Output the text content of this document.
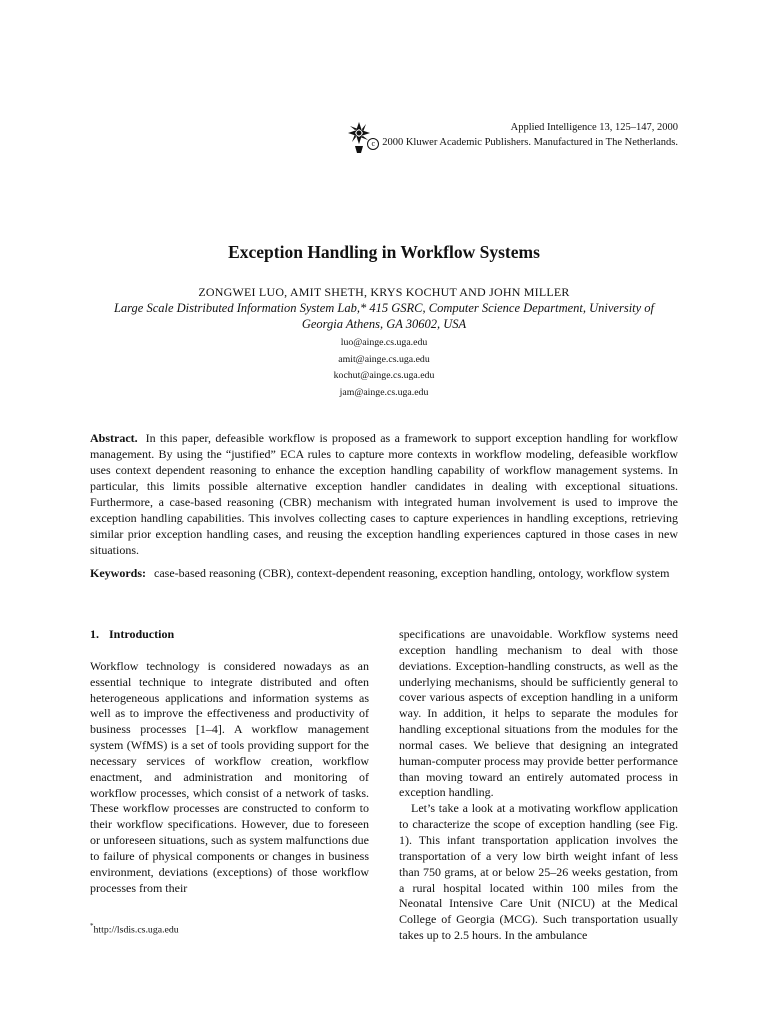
Applied Intelligence 13, 125–147, 2000
c 2000 Kluwer Academic Publishers. Manufactured in The Netherlands.
Exception Handling in Workflow Systems
ZONGWEI LUO, AMIT SHETH, KRYS KOCHUT AND JOHN MILLER
Large Scale Distributed Information System Lab,* 415 GSRC, Computer Science Department, University of Georgia Athens, GA 30602, USA
luo@ainge.cs.uga.edu
amit@ainge.cs.uga.edu
kochut@ainge.cs.uga.edu
jam@ainge.cs.uga.edu

Abstract. In this paper, defeasible workflow is proposed as a framework to support exception handling for workflow management. By using the “justified” ECA rules to capture more contexts in workflow modeling, defeasible workflow uses context dependent reasoning to enhance the exception handling capability of workflow management systems. In particular, this limits possible alternative exception handler candidates in dealing with exceptional situations. Furthermore, a case-based reasoning (CBR) mechanism with integrated human involvement is used to improve the exception handling capabilities. This involves collecting cases to capture experiences in handling exceptions, retrieving similar prior exception handling cases, and reusing the exception handling experiences captured in those cases in new situations.

Keywords: case-based reasoning (CBR), context-dependent reasoning, exception handling, ontology, workflow system

1. Introduction

Workflow technology is considered nowadays as an essential technique to integrate distributed and often heterogeneous applications and information systems as well as to improve the effectiveness and productivity of business processes [1–4]. A workflow management system (WfMS) is a set of tools providing support for the necessary services of workflow creation, workflow enactment, and administration and monitoring of workflow processes, which consist of a network of tasks. These workflow processes are constructed to conform to their workflow specifications. However, due to foreseen or unforeseen situations, such as system malfunctions due to failure of physical components or changes in business environment, deviations (exceptions) of those workflow processes from their

specifications are unavoidable. Workflow systems need exception handling mechanism to deal with those deviations. Exception-handling constructs, as well as the underlying mechanisms, should be sufficiently general to cover various aspects of exception handling in a uniform way. In addition, it helps to separate the modules for handling exceptional situations from the modules for the normal cases. We believe that designing an integrated human-computer process may provide better performance than moving toward an entirely automated process in exception handling.

Let’s take a look at a motivating workflow application to characterize the scope of exception handling (see Fig. 1). This infant transportation application involves the transportation of a very low birth weight infant of less than 750 grams, at or below 25–26 weeks gestation, from a rural hospital located within 100 miles from the Neonatal Intensive Care Unit (NICU) at the Medical College of Georgia (MCG). Such transportation usually takes up to 2.5 hours. In the ambulance

*http://lsdis.cs.uga.edu
